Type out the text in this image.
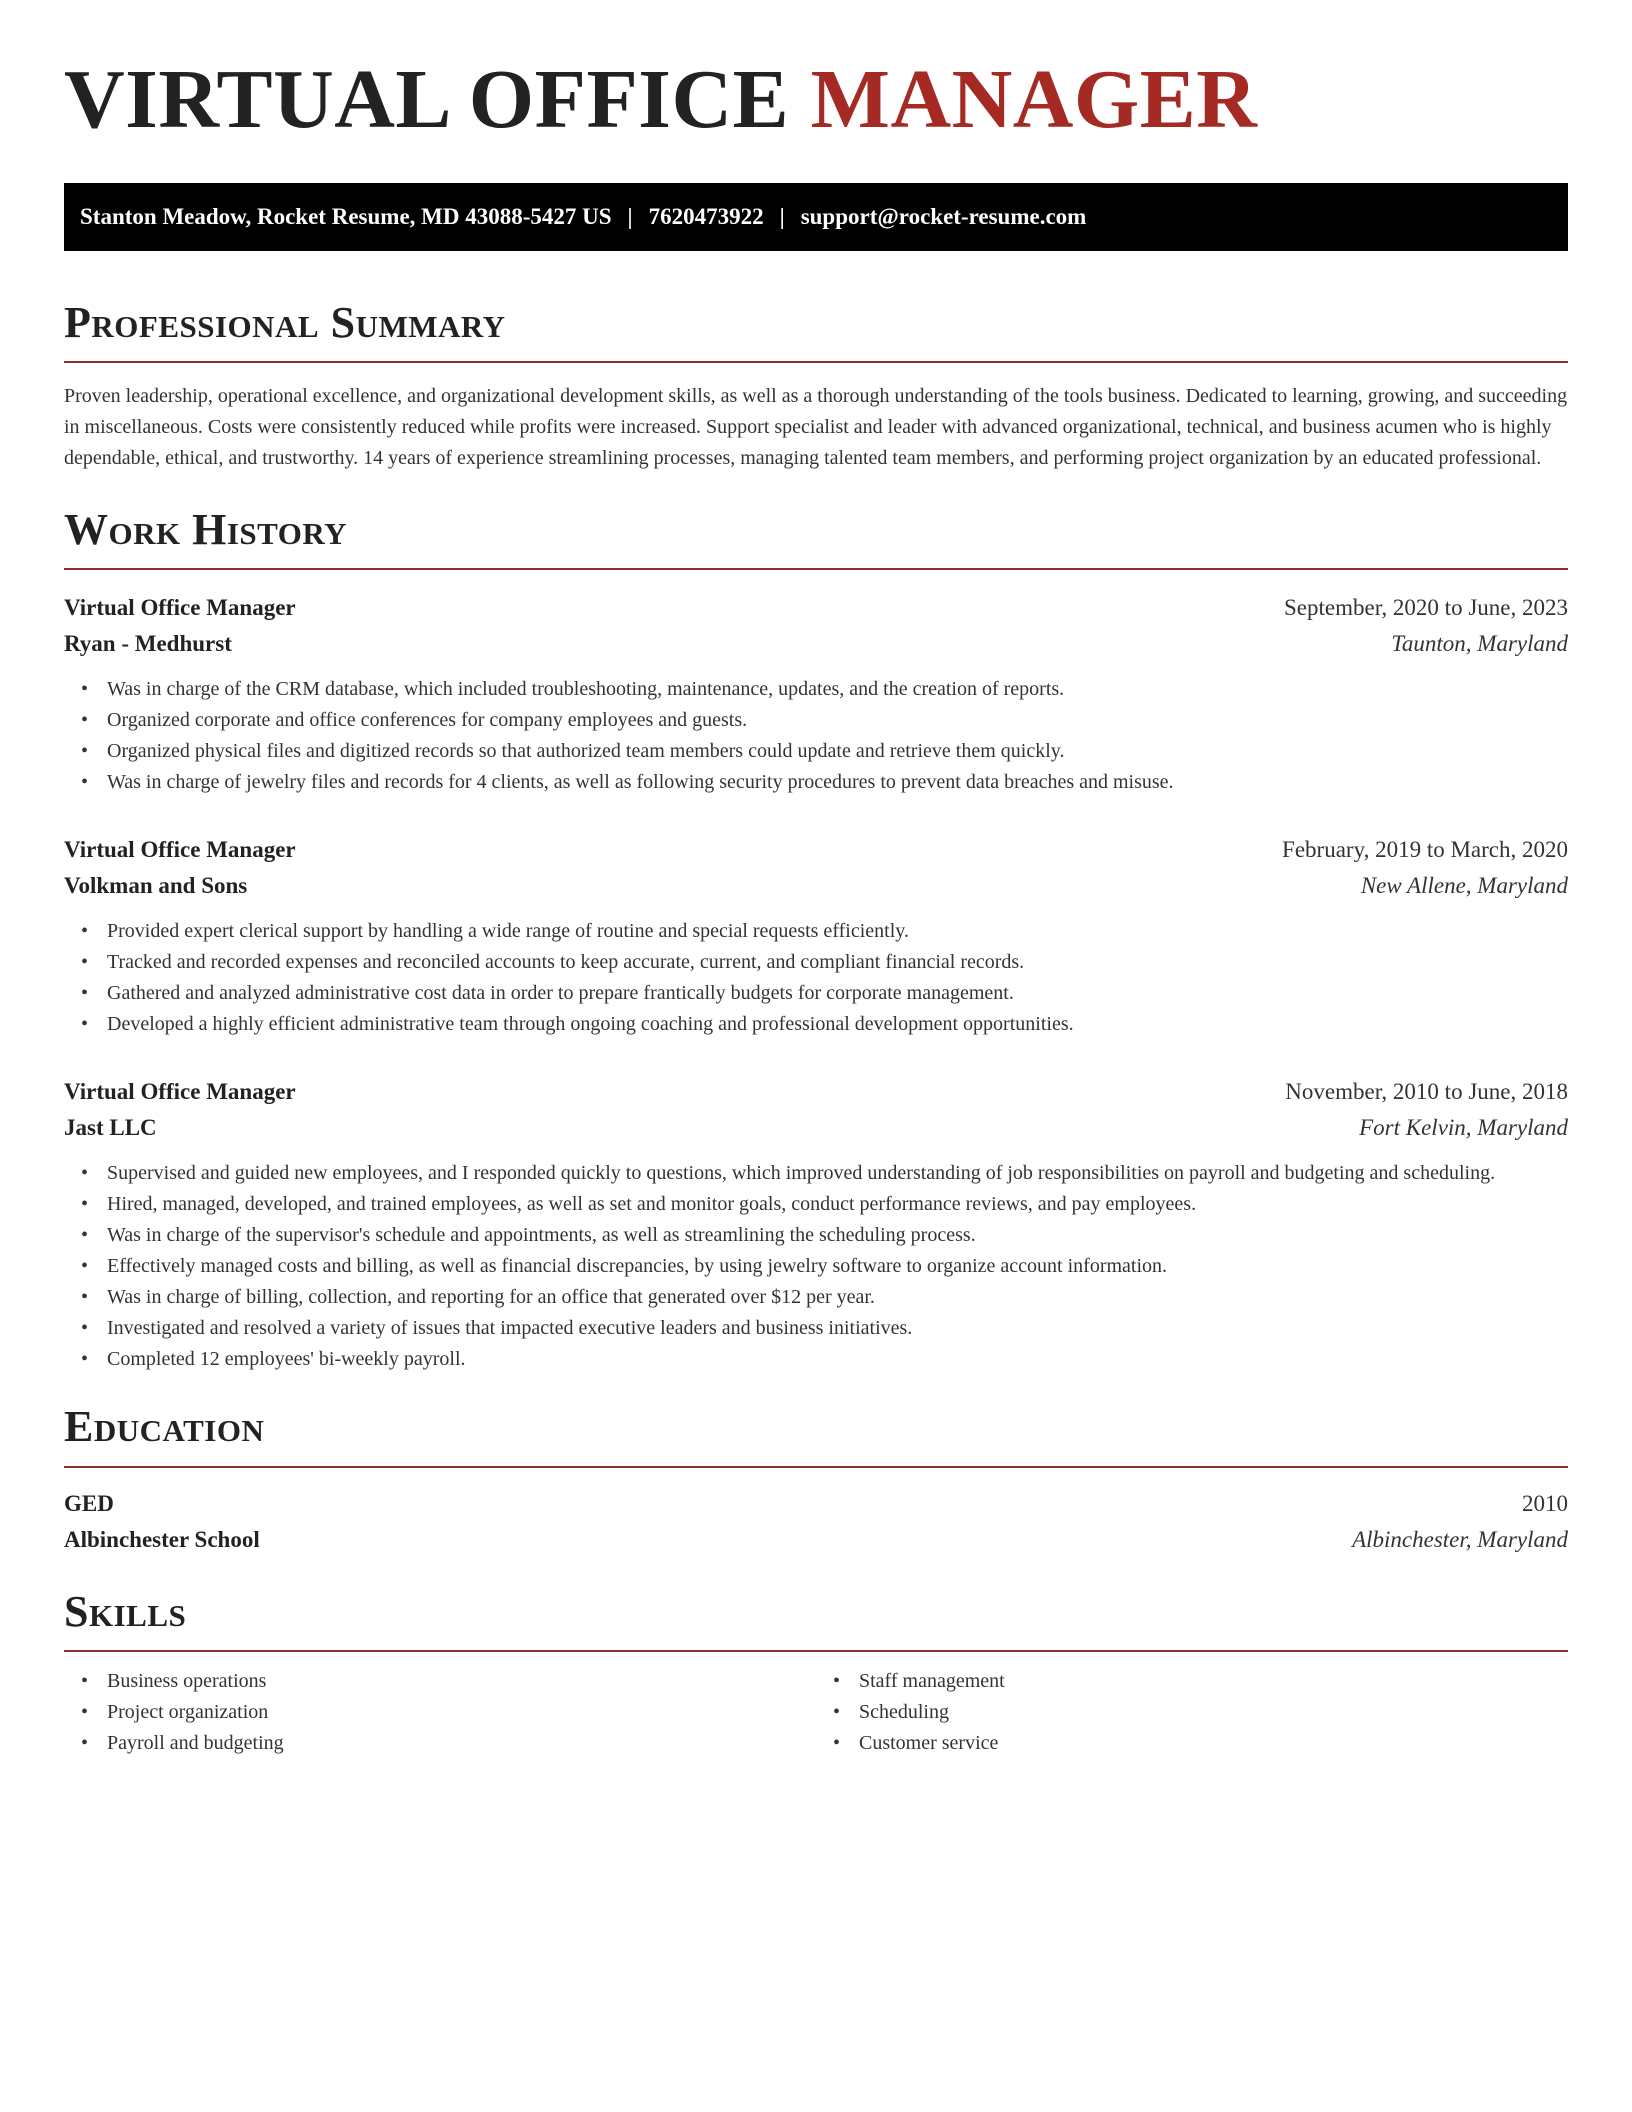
VIRTUAL OFFICE MANAGER
Stanton Meadow, Rocket Resume, MD 43088-5427 US | 7620473922 | support@rocket-resume.com
Professional Summary

Proven leadership, operational excellence, and organizational development skills, as well as a thorough understanding of the tools business. Dedicated to learning, growing, and succeeding in miscellaneous. Costs were consistently reduced while profits were increased. Support specialist and leader with advanced organizational, technical, and business acumen who is highly dependable, ethical, and trustworthy. 14 years of experience streamlining processes, managing talented team members, and performing project organization by an educated professional.

Work History
Virtual Office Manager	September, 2020 to June, 2023
Ryan - Medhurst	Taunton, Maryland
• Was in charge of the CRM database, which included troubleshooting, maintenance, updates, and the creation of reports.
• Organized corporate and office conferences for company employees and guests.
• Organized physical files and digitized records so that authorized team members could update and retrieve them quickly.
• Was in charge of jewelry files and records for 4 clients, as well as following security procedures to prevent data breaches and misuse.
Virtual Office Manager	February, 2019 to March, 2020
Volkman and Sons	New Allene, Maryland
• Provided expert clerical support by handling a wide range of routine and special requests efficiently.
• Tracked and recorded expenses and reconciled accounts to keep accurate, current, and compliant financial records.
• Gathered and analyzed administrative cost data in order to prepare frantically budgets for corporate management.
• Developed a highly efficient administrative team through ongoing coaching and professional development opportunities.
Virtual Office Manager	November, 2010 to June, 2018
Jast LLC	Fort Kelvin, Maryland
• Supervised and guided new employees, and I responded quickly to questions, which improved understanding of job responsibilities on payroll and budgeting and scheduling.
• Hired, managed, developed, and trained employees, as well as set and monitor goals, conduct performance reviews, and pay employees.
• Was in charge of the supervisor's schedule and appointments, as well as streamlining the scheduling process.
• Effectively managed costs and billing, as well as financial discrepancies, by using jewelry software to organize account information.
• Was in charge of billing, collection, and reporting for an office that generated over $12 per year.
• Investigated and resolved a variety of issues that impacted executive leaders and business initiatives.
• Completed 12 employees' bi-weekly payroll.
Education
GED	2010
Albinchester School	Albinchester, Maryland
Skills
• Business operations
• Project organization
• Payroll and budgeting
• Staff management
• Scheduling
• Customer service
